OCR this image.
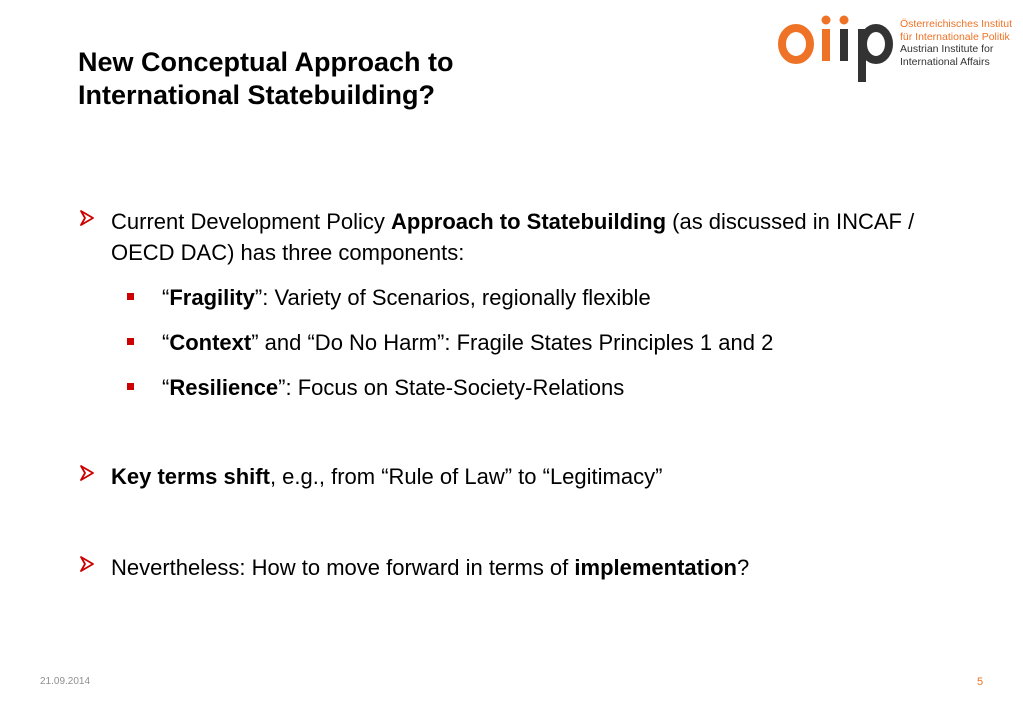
New Conceptual Approach to
International Statebuilding?
Österreichisches Institut
für Internationale Politik
Austrian Institute for
International Affairs
Current Development Policy Approach to Statebuilding (as discussed in INCAF / OECD DAC) has three components:
“Fragility”: Variety of Scenarios, regionally flexible
“Context” and “Do No Harm”: Fragile States Principles 1 and 2
“Resilience”: Focus on State-Society-Relations
Key terms shift, e.g., from “Rule of Law” to “Legitimacy”
Nevertheless: How to move forward in terms of implementation?
21.09.2014	5
